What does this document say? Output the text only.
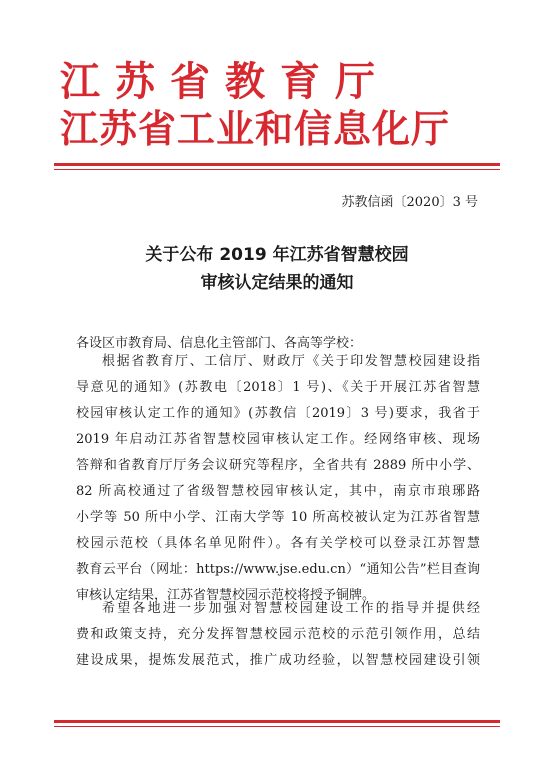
江苏省教育厅
江苏省工业和信息化厅
苏教信函〔2020〕3 号
关于公布 2019 年江苏省智慧校园
审核认定结果的通知
各设区市教育局、信息化主管部门、各高等学校：
根据省教育厅、工信厅、财政厅《关于印发智慧校园建设指
导意见的通知》(苏教电〔2018〕1 号)、《关于开展江苏省智慧
校园审核认定工作的通知》(苏教信〔2019〕3 号)要求，我省于
2019 年启动江苏省智慧校园审核认定工作。经网络审核、现场
答辩和省教育厅厅务会议研究等程序，全省共有 2889 所中小学、
82 所高校通过了省级智慧校园审核认定，其中，南京市琅琊路
小学等 50 所中小学、江南大学等 10 所高校被认定为江苏省智慧
校园示范校（具体名单见附件）。各有关学校可以登录江苏智慧
教育云平台（网址：https://www.jse.edu.cn）“通知公告”栏目查询
审核认定结果，江苏省智慧校园示范校将授予铜牌。
希望各地进一步加强对智慧校园建设工作的指导并提供经
费和政策支持，充分发挥智慧校园示范校的示范引领作用，总结
建设成果，提炼发展范式，推广成功经验，以智慧校园建设引领
